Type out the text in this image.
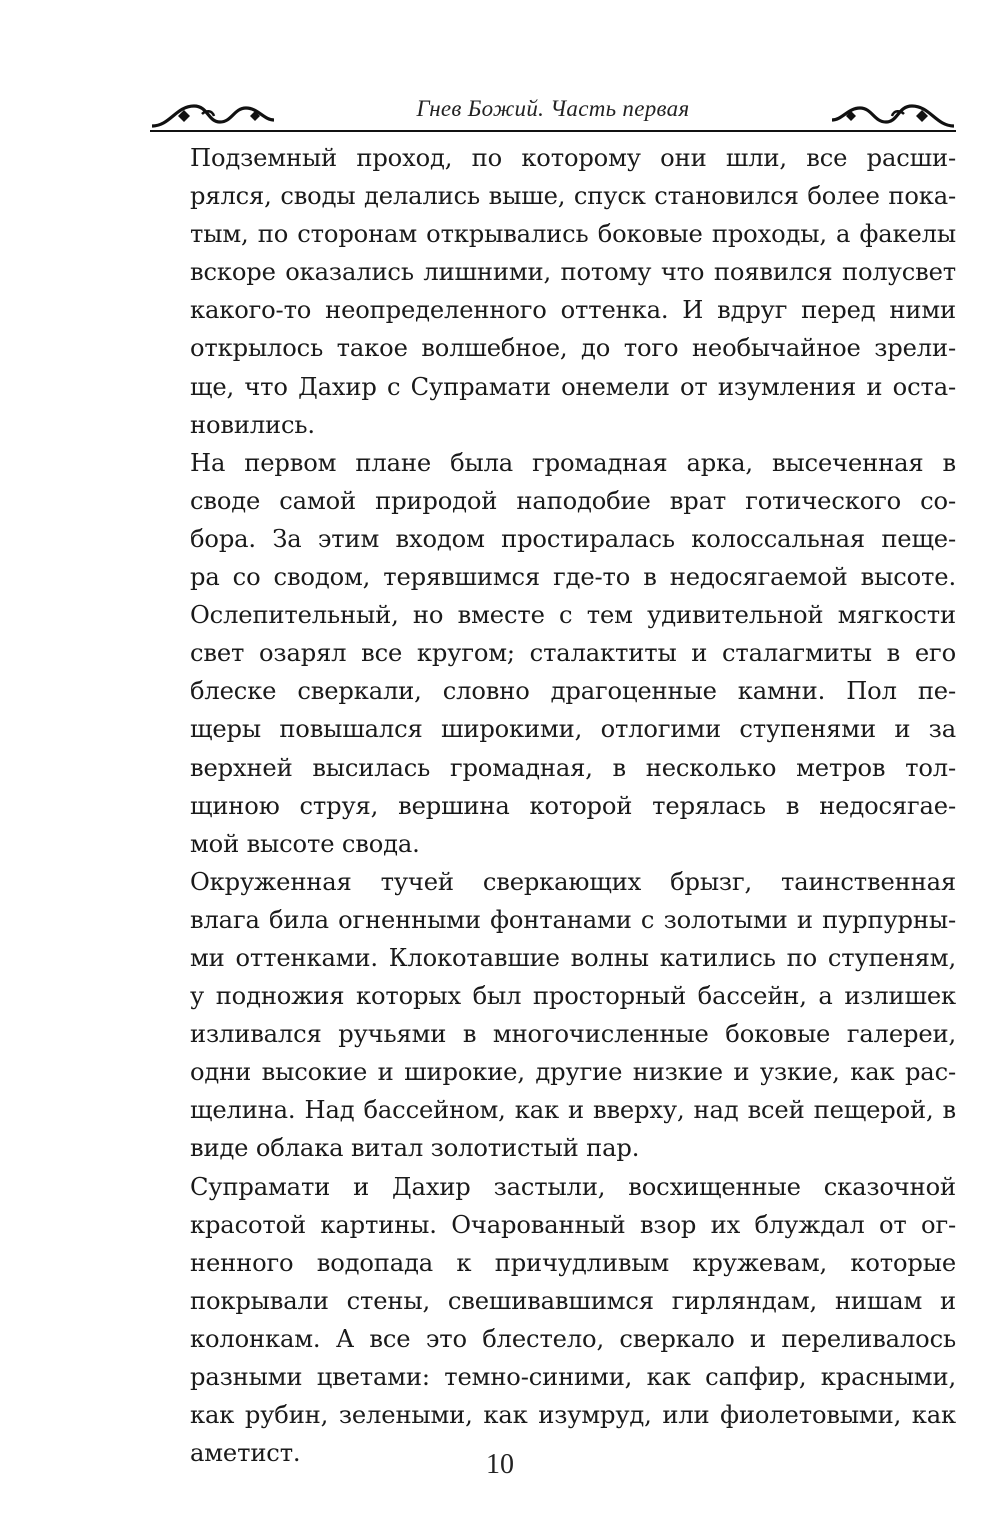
Гнев Божий. Часть первая

Подземный проход, по которому они шли, все расши-
рялся, своды делались выше, спуск становился более пока-
тым, по сторонам открывались боковые проходы, а факелы
вскоре оказались лишними, потому что появился полусвет
какого-то неопределенного оттенка. И вдруг перед ними
открылось такое волшебное, до того необычайное зрели-
ще, что Дахир с Супрамати онемели от изумления и оста-
новились.

На первом плане была громадная арка, высеченная в
своде самой природой наподобие врат готического со-
бора. За этим входом простиралась колоссальная пеще-
ра со сводом, терявшимся где-то в недосягаемой высоте.
Ослепительный, но вместе с тем удивительной мягкости
свет озарял все кругом; сталактиты и сталагмиты в его
блеске сверкали, словно драгоценные камни. Пол пе-
щеры повышался широкими, отлогими ступенями и за
верхней высилась громадная, в несколько метров тол-
щиною струя, вершина которой терялась в недосягае-
мой высоте свода.

Окруженная тучей сверкающих брызг, таинственная
влага била огненными фонтанами с золотыми и пурпурны-
ми оттенками. Клокотавшие волны катились по ступеням,
у подножия которых был просторный бассейн, а излишек
изливался ручьями в многочисленные боковые галереи,
одни высокие и широкие, другие низкие и узкие, как рас-
щелина. Над бассейном, как и вверху, над всей пещерой, в
виде облака витал золотистый пар.

Супрамати и Дахир застыли, восхищенные сказочной
красотой картины. Очарованный взор их блуждал от ог-
ненного водопада к причудливым кружевам, которые
покрывали стены, свешивавшимся гирляндам, нишам и
колонкам. А все это блестело, сверкало и переливалось
разными цветами: темно-синими, как сапфир, красными,
как рубин, зелеными, как изумруд, или фиолетовыми, как
аметист.	10
